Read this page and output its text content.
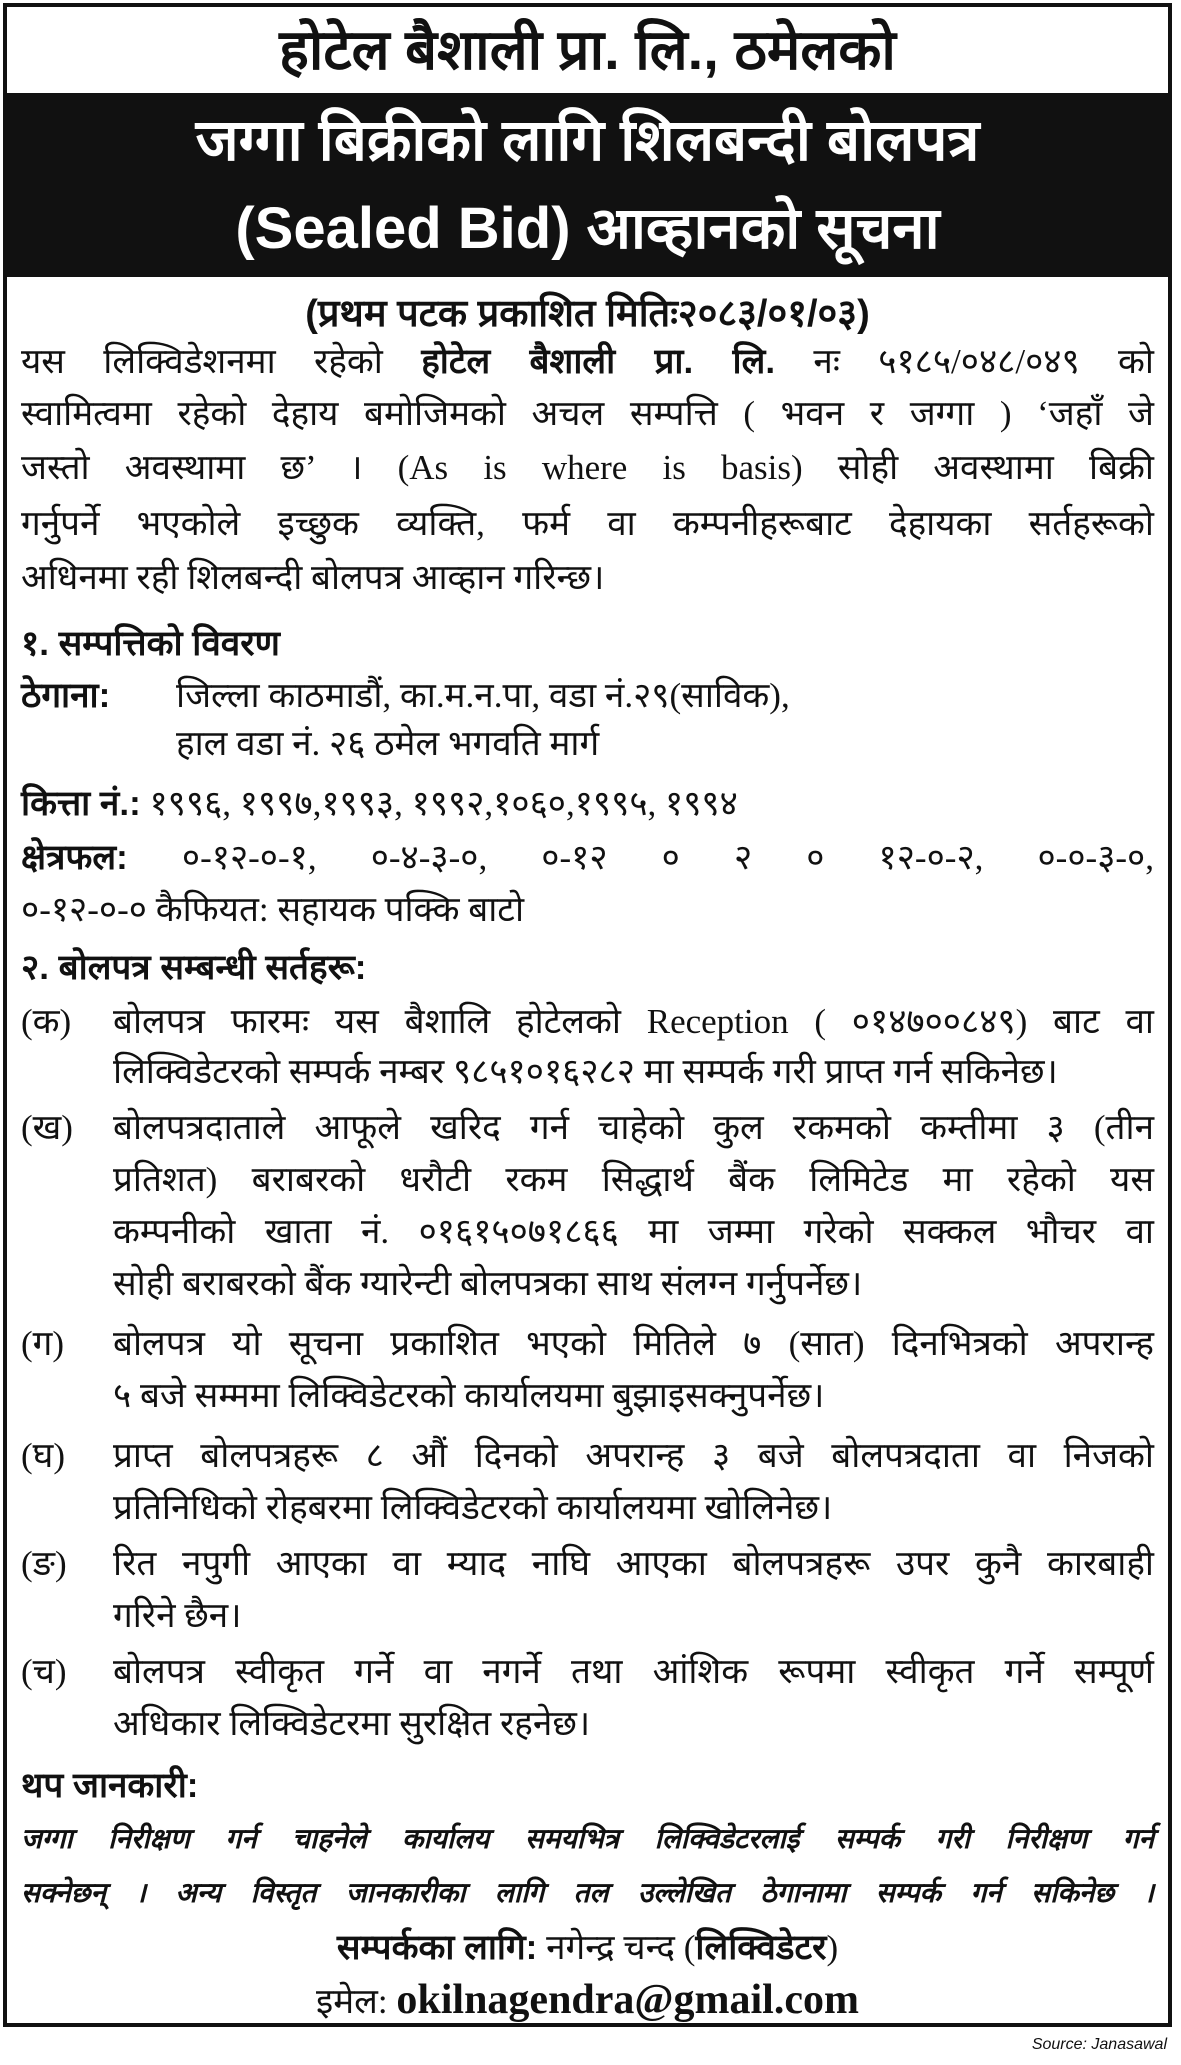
होटेल बैशाली प्रा. लि., ठमेलको
जग्गा बिक्रीको लागि शिलबन्दी बोलपत्र
(Sealed Bid) आव्हानको सूचना
(प्रथम पटक प्रकाशित मितिः२०८३/०१/०३)
यस लिक्विडेशनमा रहेको होटेल बैशाली प्रा. लि. नः ५१८५/०४८/०४९ को
स्वामित्वमा रहेको देहाय बमोजिमको अचल सम्पत्ति ( भवन र जग्गा ) ‘जहाँ जे
जस्तो अवस्थामा छ’ । (As is where is basis) सोही अवस्थामा बिक्री
गर्नुपर्ने भएकोले इच्छुक व्यक्ति, फर्म वा कम्पनीहरूबाट देहायका सर्तहरूको
अधिनमा रही शिलबन्दी बोलपत्र आव्हान गरिन्छ।
१. सम्पत्तिको विवरण
ठेगाना: जिल्ला काठमाडौं, का.म.न.पा, वडा नं.२९(साविक),
हाल वडा नं. २६ ठमेल भगवति मार्ग
कित्ता नं.: १९९६, १९९७,१९९३, १९९२,१०६०,१९९५, १९९४
क्षेत्रफल: ०-१२-०-१, ०-४-३-०, ०-१२ ० २ ० १२-०-२, ०-०-३-०,
०-१२-०-० कैफियत: सहायक पक्कि बाटो
२. बोलपत्र सम्बन्धी सर्तहरू:
(क) बोलपत्र फारमः यस बैशालि होटेलको Reception ( ०१४७००८४९) बाट वा
लिक्विडेटरको सम्पर्क नम्बर ९८५१०१६२८२ मा सम्पर्क गरी प्राप्त गर्न सकिनेछ।
(ख) बोलपत्रदाताले आफूले खरिद गर्न चाहेको कुल रकमको कम्तीमा ३ (तीन
प्रतिशत) बराबरको धरौटी रकम सिद्धार्थ बैंक लिमिटेड मा रहेको यस
कम्पनीको खाता नं. ०१६१५०७१८६६ मा जम्मा गरेको सक्कल भौचर वा
सोही बराबरको बैंक ग्यारेन्टी बोलपत्रका साथ संलग्न गर्नुपर्नेछ।
(ग) बोलपत्र यो सूचना प्रकाशित भएको मितिले ७ (सात) दिनभित्रको अपरान्ह
५ बजे सम्ममा लिक्विडेटरको कार्यालयमा बुझाइसक्नुपर्नेछ।
(घ) प्राप्त बोलपत्रहरू ८ औं दिनको अपरान्ह ३ बजे बोलपत्रदाता वा निजको
प्रतिनिधिको रोहबरमा लिक्विडेटरको कार्यालयमा खोलिनेछ।
(ङ) रित नपुगी आएका वा म्याद नाघि आएका बोलपत्रहरू उपर कुनै कारबाही
गरिने छैन।
(च) बोलपत्र स्वीकृत गर्ने वा नगर्ने तथा आंशिक रूपमा स्वीकृत गर्ने सम्पूर्ण
अधिकार लिक्विडेटरमा सुरक्षित रहनेछ।
थप जानकारी:
जग्गा निरीक्षण गर्न चाहनेले कार्यालय समयभित्र लिक्विडेटरलाई सम्पर्क गरी निरीक्षण गर्न
सक्नेछन् । अन्य विस्तृत जानकारीका लागि तल उल्लेखित ठेगानामा सम्पर्क गर्न सकिनेछ ।
सम्पर्कका लागि: नगेन्द्र चन्द (लिक्विडेटर)
इमेल: okilnagendra@gmail.com
Source: Janasawal
